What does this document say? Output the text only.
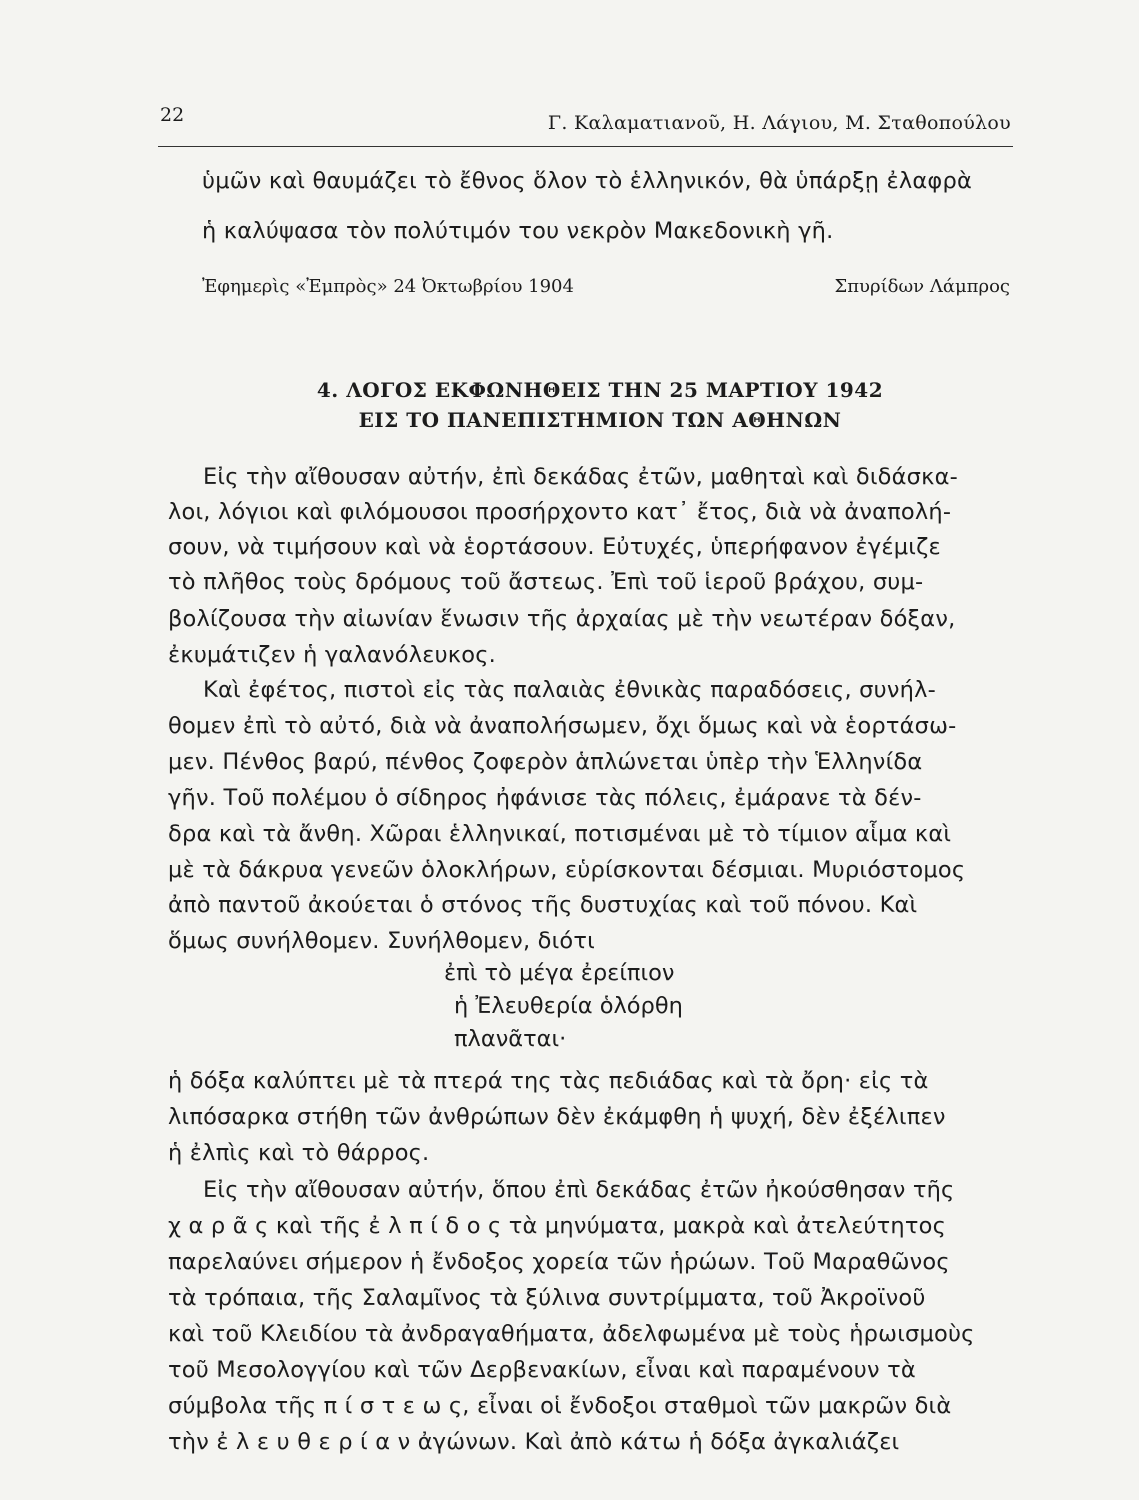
22	Γ. Καλαματιανοῦ, Η. Λάγιου, Μ. Σταθοπούλου
ὑμῶν καὶ θαυμάζει τὸ ἔθνος ὅλον τὸ ἑλληνικόν, θὰ ὑπάρξῃ ἐλαφρὰ
ἡ καλύψασα τὸν πολύτιμόν του νεκρὸν Μακεδονικὴ γῆ.
Ἐφημερὶς «Ἐμπρὸς» 24 Ὀκτωβρίου 1904	Σπυρίδων Λάμπρος
4. ΛΟΓΟΣ ΕΚΦΩΝΗΘΕΙΣ ΤΗΝ 25 ΜΑΡΤΙΟΥ 1942
ΕΙΣ ΤΟ ΠΑΝΕΠΙΣΤΗΜΙΟΝ ΤΩΝ ΑΘΗΝΩΝ
Εἰς τὴν αἴθουσαν αὐτήν, ἐπὶ δεκάδας ἐτῶν, μαθηταὶ καὶ διδάσκα-
λοι, λόγιοι καὶ φιλόμουσοι προσήρχοντο κατ᾽ ἔτος, διὰ νὰ ἀναπολή-
σουν, νὰ τιμήσουν καὶ νὰ ἑορτάσουν. Εὐτυχές, ὑπερήφανον ἐγέμιζε
τὸ πλῆθος τοὺς δρόμους τοῦ ἄστεως. Ἐπὶ τοῦ ἱεροῦ βράχου, συμ-
βολίζουσα τὴν αἰωνίαν ἕνωσιν τῆς ἀρχαίας μὲ τὴν νεωτέραν δόξαν,
ἐκυμάτιζεν ἡ γαλανόλευκος.
Καὶ ἐφέτος, πιστοὶ εἰς τὰς παλαιὰς ἐθνικὰς παραδόσεις, συνήλ-
θομεν ἐπὶ τὸ αὐτό, διὰ νὰ ἀναπολήσωμεν, ὄχι ὅμως καὶ νὰ ἑορτάσω-
μεν. Πένθος βαρύ, πένθος ζοφερὸν ἁπλώνεται ὑπὲρ τὴν Ἑλληνίδα
γῆν. Τοῦ πολέμου ὁ σίδηρος ἠφάνισε τὰς πόλεις, ἐμάρανε τὰ δέν-
δρα καὶ τὰ ἄνθη. Χῶραι ἑλληνικαί, ποτισμέναι μὲ τὸ τίμιον αἷμα καὶ
μὲ τὰ δάκρυα γενεῶν ὁλοκλήρων, εὑρίσκονται δέσμιαι. Μυριόστομος
ἀπὸ παντοῦ ἀκούεται ὁ στόνος τῆς δυστυχίας καὶ τοῦ πόνου. Καὶ
ὅμως συνήλθομεν. Συνήλθομεν, διότι
ἐπὶ τὸ μέγα ἐρείπιον
ἡ Ἐλευθερία ὁλόρθη
πλανᾶται·
ἡ δόξα καλύπτει μὲ τὰ πτερά της τὰς πεδιάδας καὶ τὰ ὄρη· εἰς τὰ
λιπόσαρκα στήθη τῶν ἀνθρώπων δὲν ἐκάμφθη ἡ ψυχή, δὲν ἐξέλιπεν
ἡ ἐλπὶς καὶ τὸ θάρρος.
Εἰς τὴν αἴθουσαν αὐτήν, ὅπου ἐπὶ δεκάδας ἐτῶν ἠκούσθησαν τῆς
χ α ρ ᾶ ς καὶ τῆς ἐ λ π ί δ ο ς τὰ μηνύματα, μακρὰ καὶ ἀτελεύτητος
παρελαύνει σήμερον ἡ ἔνδοξος χορεία τῶν ἡρώων. Τοῦ Μαραθῶνος
τὰ τρόπαια, τῆς Σαλαμῖνος τὰ ξύλινα συντρίμματα, τοῦ Ἀκροϊνοῦ
καὶ τοῦ Κλειδίου τὰ ἀνδραγαθήματα, ἀδελφωμένα μὲ τοὺς ἡρωισμοὺς
τοῦ Μεσολογγίου καὶ τῶν Δερβενακίων, εἶναι καὶ παραμένουν τὰ
σύμβολα τῆς π ί σ τ ε ω ς, εἶναι οἱ ἔνδοξοι σταθμοὶ τῶν μακρῶν διὰ
τὴν ἐ λ ε υ θ ε ρ ί α ν ἀγώνων. Καὶ ἀπὸ κάτω ἡ δόξα ἀγκαλιάζει
